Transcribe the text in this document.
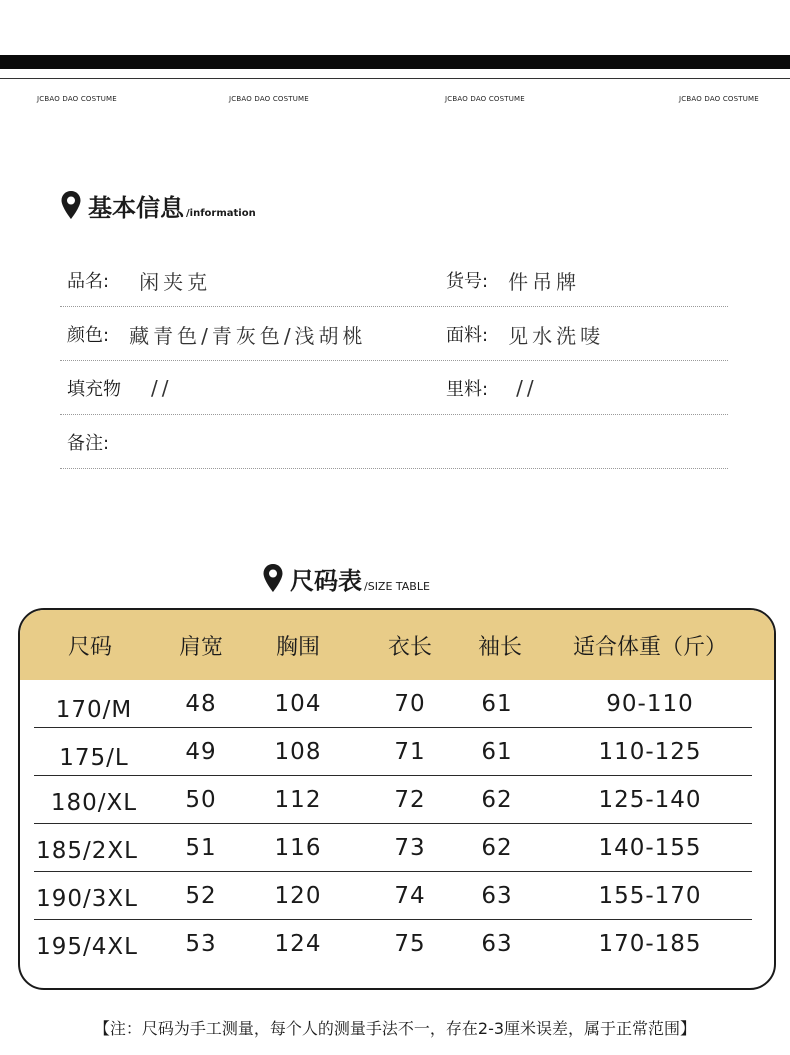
JCBAO DAO COSTUME	JCBAO DAO COSTUME	JCBAO DAO COSTUME	JCBAO DAO COSTUME
基本信息 /information
品名: 闲夹克	货号: 件吊牌
颜色: 藏青色/青灰色/浅胡桃	面料: 见水洗唛
填充物 //	里料: //
备注:
尺码表 /SIZE TABLE
尺码	肩宽	胸围	衣长	袖长	适合体重（斤）
170/M	48	104	70	61	90-110
175/L	49	108	71	61	110-125
180/XL	50	112	72	62	125-140
185/2XL	51	116	73	62	140-155
190/3XL	52	120	74	63	155-170
195/4XL	53	124	75	63	170-185
【注：尺码为手工测量，每个人的测量手法不一，存在2-3厘米误差，属于正常范围】
